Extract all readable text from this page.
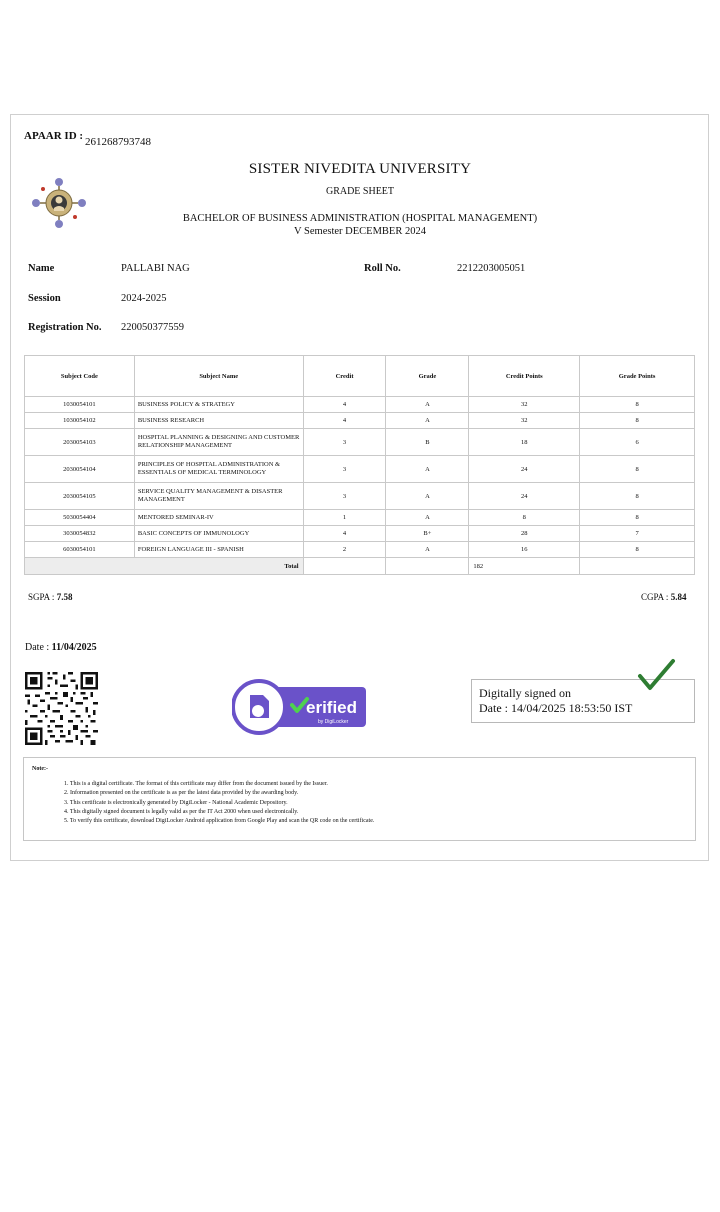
APAAR ID : 261268793748
SISTER NIVEDITA UNIVERSITY
GRADE SHEET
BACHELOR OF BUSINESS ADMINISTRATION (HOSPITAL MANAGEMENT)
V Semester DECEMBER 2024
Name	PALLABI NAG	Roll No.	2212203005051
Session	2024-2025
Registration No. 220050377559
Subject Code	Subject Name	Credit	Grade	Credit Points	Grade Points
1030054101	BUSINESS POLICY & STRATEGY	4	A	32	8
1030054102	BUSINESS RESEARCH	4	A	32	8
2030054103	HOSPITAL PLANNING & DESIGNING AND CUSTOMER RELATIONSHIP MANAGEMENT	3	B	18	6
2030054104	PRINCIPLES OF HOSPITAL ADMINISTRATION & ESSENTIALS OF MEDICAL TERMINOLOGY	3	A	24	8
2030054105	SERVICE QUALITY MANAGEMENT & DISASTER MANAGEMENT	3	A	24	8
5030054404	MENTORED SEMINAR-IV	1	A	8	8
3030054832	BASIC CONCEPTS OF IMMUNOLOGY	4	B+	28	7
6030054101	FOREIGN LANGUAGE III - SPANISH	2	A	16	8
Total				182	
SGPA : 7.58	CGPA : 5.84
Date : 11/04/2025
erified
by DigiLocker
Digitally signed on
Date : 14/04/2025 18:53:50 IST
Note:-
1. This is a digital certificate. The format of this certificate may differ from the document issued by the Issuer.
2. Information presented on the certificate is as per the latest data provided by the awarding body.
3. This certificate is electronically generated by DigiLocker - National Academic Depository.
4. This digitally signed document is legally valid as per the IT Act 2000 when used electronically.
5. To verify this certificate, download DigiLocker Android application from Google Play and scan the QR code on the certificate.
